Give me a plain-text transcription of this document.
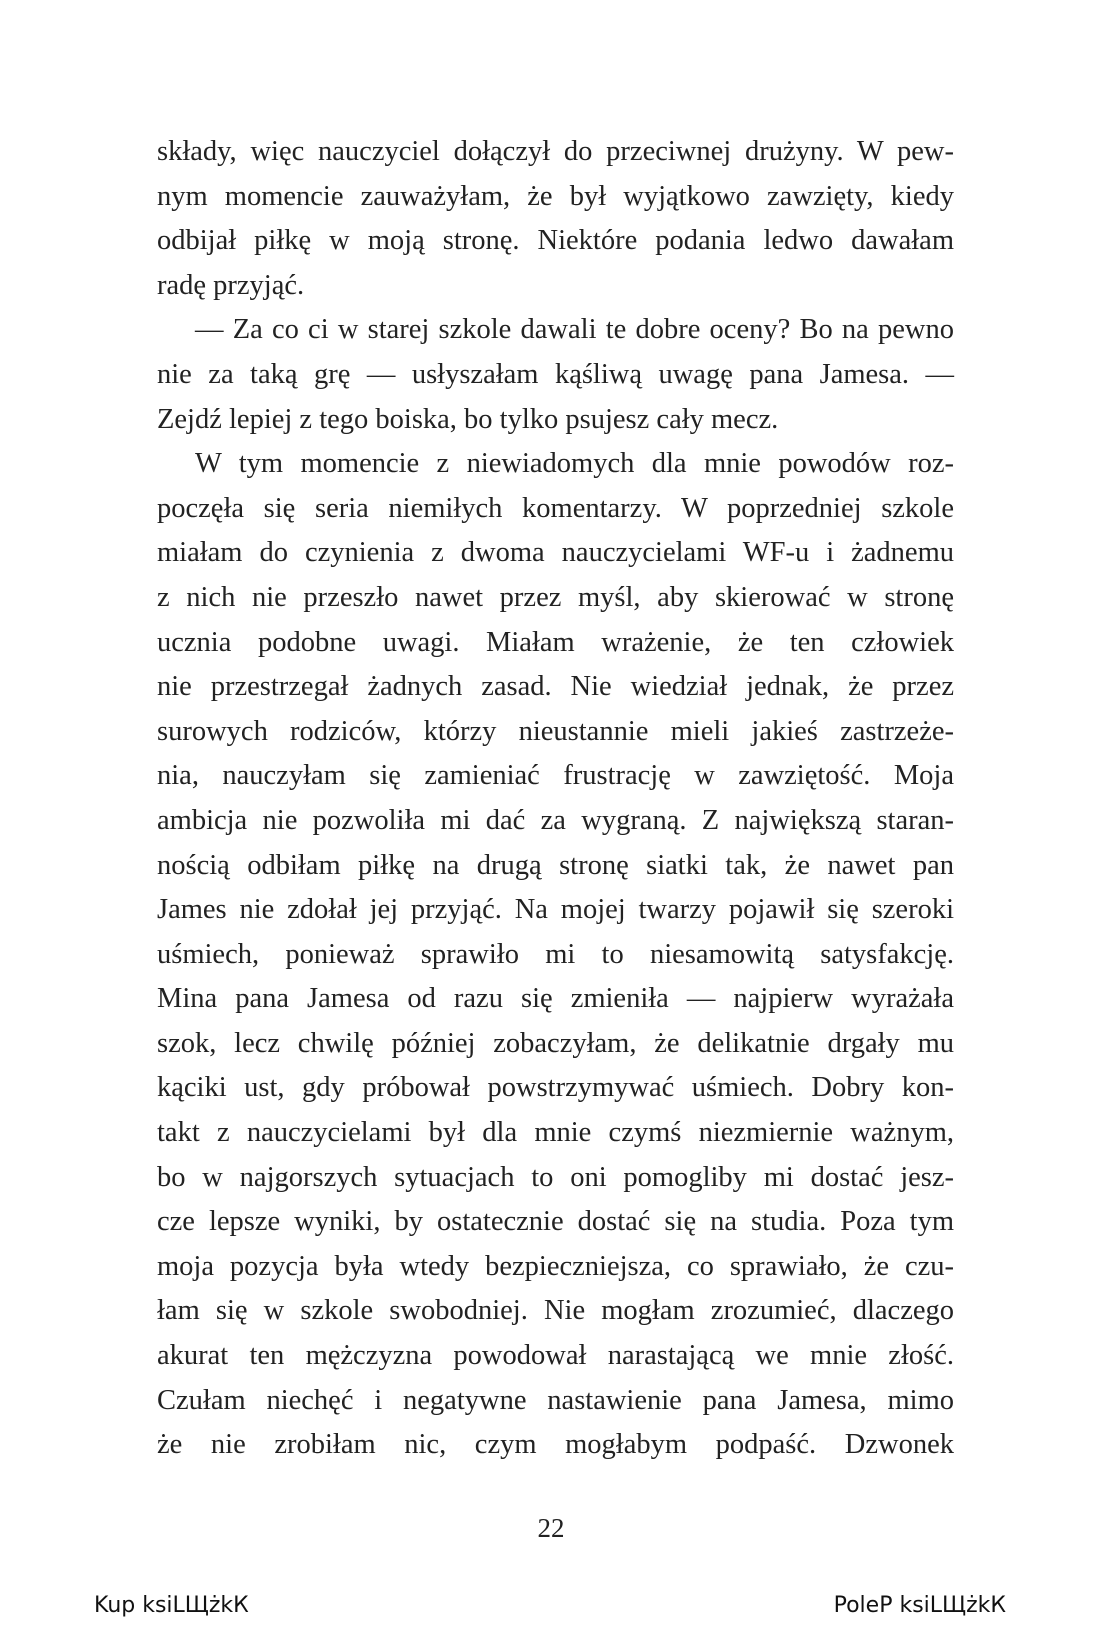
składy, więc nauczyciel dołączył do przeciwnej drużyny. W pew-
nym momencie zauważyłam, że był wyjątkowo zawzięty, kiedy
odbijał piłkę w moją stronę. Niektóre podania ledwo dawałam
radę przyjąć.
— Za co ci w starej szkole dawali te dobre oceny? Bo na pewno
nie za taką grę — usłyszałam kąśliwą uwagę pana Jamesa. —
Zejdź lepiej z tego boiska, bo tylko psujesz cały mecz.
W tym momencie z niewiadomych dla mnie powodów roz-
poczęła się seria niemiłych komentarzy. W poprzedniej szkole
miałam do czynienia z dwoma nauczycielami WF-u i żadnemu
z nich nie przeszło nawet przez myśl, aby skierować w stronę
ucznia podobne uwagi. Miałam wrażenie, że ten człowiek
nie przestrzegał żadnych zasad. Nie wiedział jednak, że przez
surowych rodziców, którzy nieustannie mieli jakieś zastrzeże-
nia, nauczyłam się zamieniać frustrację w zawziętość. Moja
ambicja nie pozwoliła mi dać za wygraną. Z największą staran-
nością odbiłam piłkę na drugą stronę siatki tak, że nawet pan
James nie zdołał jej przyjąć. Na mojej twarzy pojawił się szeroki
uśmiech, ponieważ sprawiło mi to niesamowitą satysfakcję.
Mina pana Jamesa od razu się zmieniła — najpierw wyrażała
szok, lecz chwilę później zobaczyłam, że delikatnie drgały mu
kąciki ust, gdy próbował powstrzymywać uśmiech. Dobry kon-
takt z nauczycielami był dla mnie czymś niezmiernie ważnym,
bo w najgorszych sytuacjach to oni pomogliby mi dostać jesz-
cze lepsze wyniki, by ostatecznie dostać się na studia. Poza tym
moja pozycja była wtedy bezpieczniejsza, co sprawiało, że czu-
łam się w szkole swobodniej. Nie mogłam zrozumieć, dlaczego
akurat ten mężczyzna powodował narastającą we mnie złość.
Czułam niechęć i negatywne nastawienie pana Jamesa, mimo
że nie zrobiłam nic, czym mogłabym podpaść. Dzwonek
22
Kup ksiLЩżkК	PoleР ksiLЩżkК
